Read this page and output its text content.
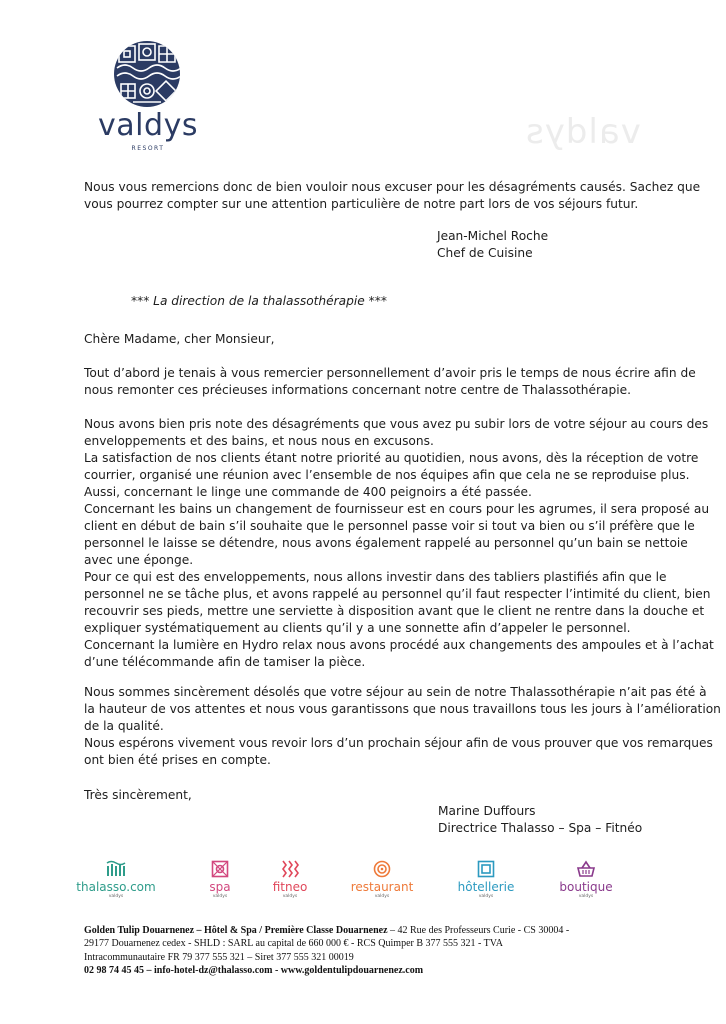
valdys
valdys
RESORT

Nous vous remercions donc de bien vouloir nous excuser pour les désagréments causés. Sachez que
vous pourrez compter sur une attention particulière de notre part lors de vos séjours futur.

Jean-Michel Roche
Chef de Cuisine
*** La direction de la thalassothérapie ***
Chère Madame, cher Monsieur,

Tout d’abord je tenais à vous remercier personnellement d’avoir pris le temps de nous écrire afin de
nous remonter ces précieuses informations concernant notre centre de Thalassothérapie.

Nous avons bien pris note des désagréments que vous avez pu subir lors de votre séjour au cours des
enveloppements et des bains, et nous nous en excusons.
La satisfaction de nos clients étant notre priorité au quotidien, nous avons, dès la réception de votre
courrier, organisé une réunion avec l’ensemble de nos équipes afin que cela ne se reproduise plus.
Aussi, concernant le linge une commande de 400 peignoirs a été passée.
Concernant les bains un changement de fournisseur est en cours pour les agrumes, il sera proposé au
client en début de bain s’il souhaite que le personnel passe voir si tout va bien ou s’il préfère que le
personnel le laisse se détendre, nous avons également rappelé au personnel qu’un bain se nettoie
avec une éponge.
Pour ce qui est des enveloppements, nous allons investir dans des tabliers plastifiés afin que le
personnel ne se tâche plus, et avons rappelé au personnel qu’il faut respecter l’intimité du client, bien
recouvrir ses pieds, mettre une serviette à disposition avant que le client ne rentre dans la douche et
expliquer systématiquement au clients qu’il y a une sonnette afin d’appeler le personnel.
Concernant la lumière en Hydro relax nous avons procédé aux changements des ampoules et à l’achat
d’une télécommande afin de tamiser la pièce.

Nous sommes sincèrement désolés que votre séjour au sein de notre Thalassothérapie n’ait pas été à
la hauteur de vos attentes et nous vous garantissons que nous travaillons tous les jours à l’amélioration
de la qualité.
Nous espérons vivement vous revoir lors d’un prochain séjour afin de vous prouver que vos remarques
ont bien été prises en compte.

Très sincèrement,
Marine Duffours
Directrice Thalasso – Spa – Fitnéo
thalasso.com
valdys
spa
valdys
fitneo
valdys
restaurant
valdys
hôtellerie
valdys
boutique
valdys
Golden Tulip Douarnenez – Hôtel & Spa / Première Classe Douarnenez – 42 Rue des Professeurs Curie - CS 30004 -
29177 Douarnenez cedex - SHLD : SARL au capital de 660 000 € - RCS Quimper B 377 555 321 - TVA
Intracommunautaire FR 79 377 555 321 – Siret 377 555 321 00019
02 98 74 45 45 – info-hotel-dz@thalasso.com - www.goldentulipdouarnenez.com
